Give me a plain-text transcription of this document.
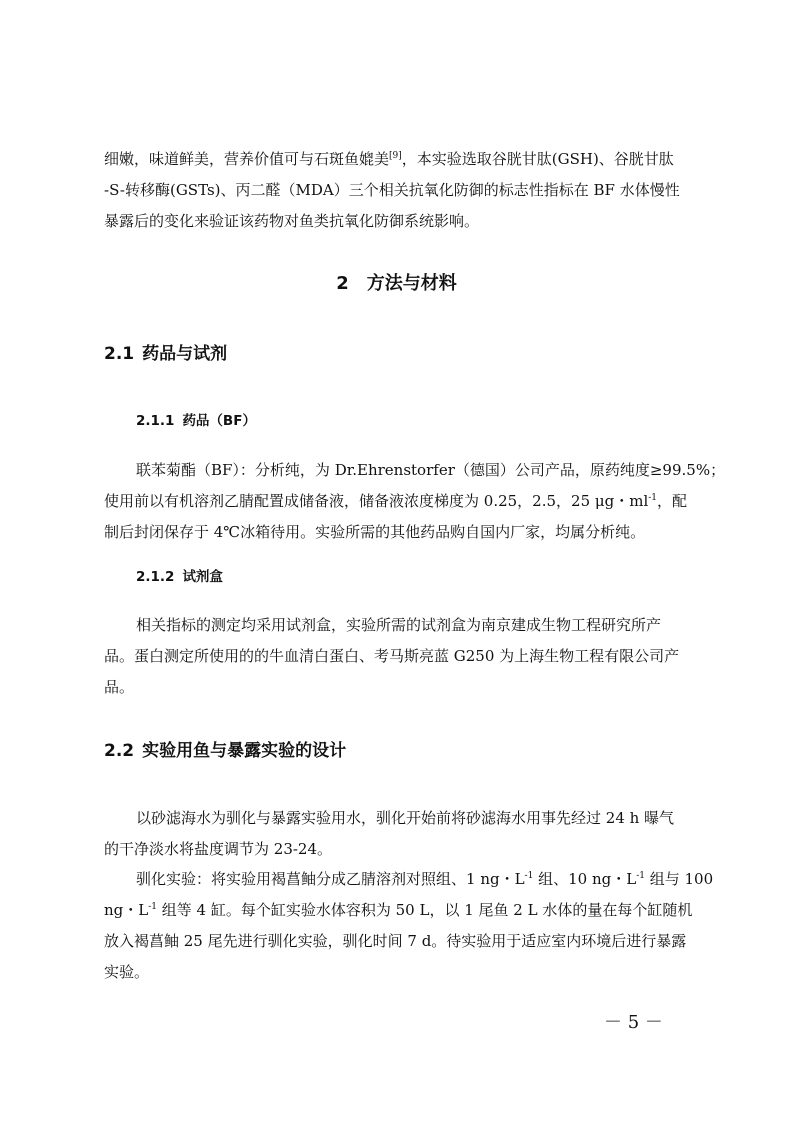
细嫩，味道鲜美，营养价值可与石斑鱼媲美[9]，本实验选取谷胱甘肽(GSH)、谷胱甘肽
-S-转移酶(GSTs)、丙二醛（MDA）三个相关抗氧化防御的标志性指标在 BF 水体慢性
暴露后的变化来验证该药物对鱼类抗氧化防御系统影响。

2 方法与材料
2.1 药品与试剂
2.1.1 药品（BF）

联苯菊酯（BF）：分析纯，为 Dr.Ehrenstorfer（德国）公司产品，原药纯度≥99.5%；
使用前以有机溶剂乙腈配置成储备液，储备液浓度梯度为 0.25，2.5，25 μg・$ml^{-1}$，配
制后封闭保存于 4℃冰箱待用。实验所需的其他药品购自国内厂家，均属分析纯。

2.1.2 试剂盒

相关指标的测定均采用试剂盒，实验所需的试剂盒为南京建成生物工程研究所产
品。蛋白测定所使用的的牛血清白蛋白、考马斯亮蓝 G250 为上海生物工程有限公司产
品。

2.2 实验用鱼与暴露实验的设计

以砂滤海水为驯化与暴露实验用水，驯化开始前将砂滤海水用事先经过 24 h 曝气
的干净淡水将盐度调节为 23-24。

驯化实验：将实验用褐菖鲉分成乙腈溶剂对照组、1 ng・$L^{-1}$ 组、10 ng・$L^{-1}$ 组与 100
ng・$L^{-1}$ 组等 4 缸。每个缸实验水体容积为 50 L，以 1 尾鱼 2 L 水体的量在每个缸随机
放入褐菖鲉 25 尾先进行驯化实验，驯化时间 7 d。待实验用于适应室内环境后进行暴露
实验。

－ 5 －
